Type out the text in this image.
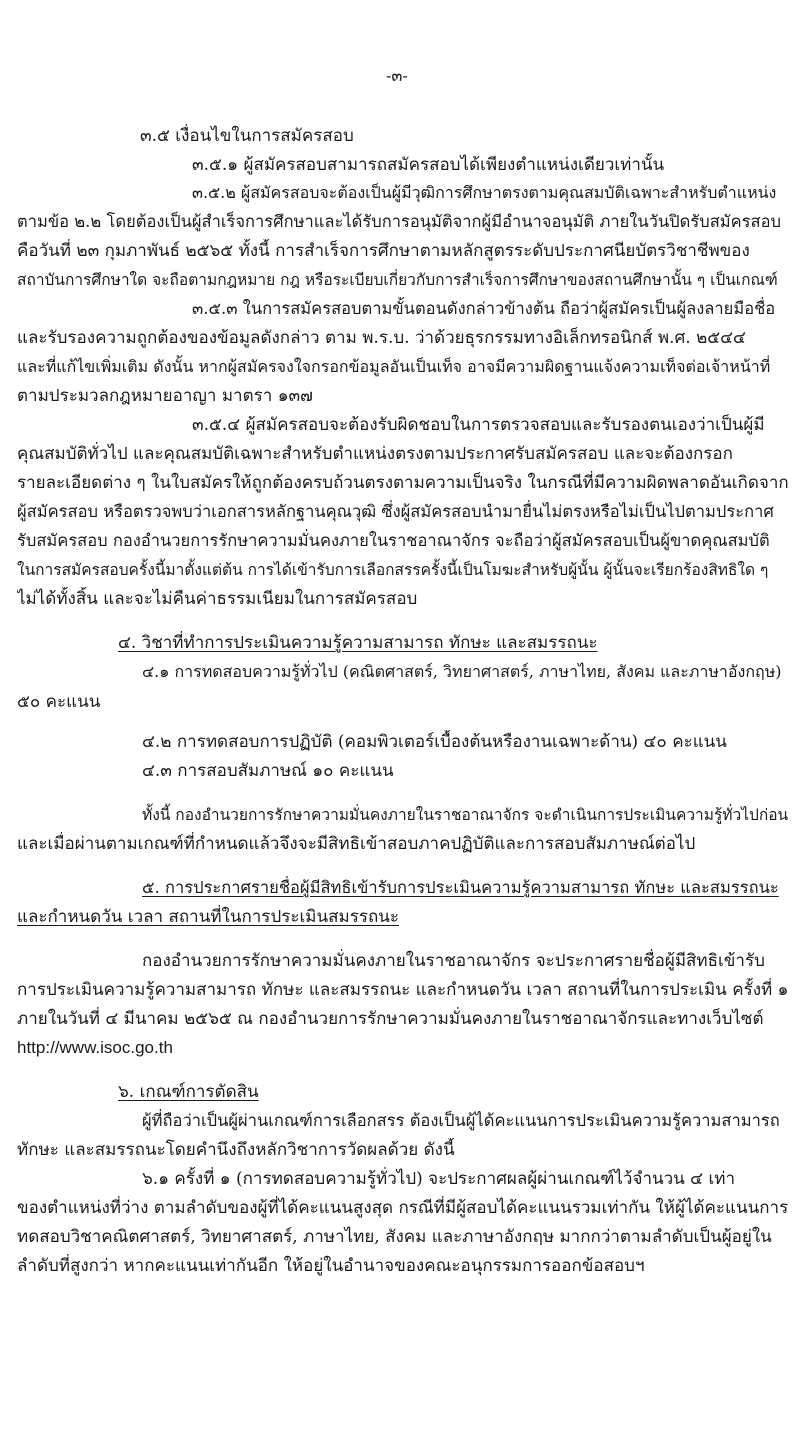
-๓-
๓.๕ เงื่อนไขในการสมัครสอบ
๓.๕.๑ ผู้สมัครสอบสามารถสมัครสอบได้เพียงตำแหน่งเดียวเท่านั้น
๓.๕.๒ ผู้สมัครสอบจะต้องเป็นผู้มีวุฒิการศึกษาตรงตามคุณสมบัติเฉพาะสำหรับตำแหน่ง
ตามข้อ ๒.๒ โดยต้องเป็นผู้สำเร็จการศึกษาและได้รับการอนุมัติจากผู้มีอำนาจอนุมัติ ภายในวันปิดรับสมัครสอบ
คือวันที่ ๒๓ กุมภาพันธ์ ๒๕๖๕ ทั้งนี้ การสำเร็จการศึกษาตามหลักสูตรระดับประกาศนียบัตรวิชาชีพของ
สถาบันการศึกษาใด จะถือตามกฎหมาย กฎ หรือระเบียบเกี่ยวกับการสำเร็จการศึกษาของสถานศึกษานั้น ๆ เป็นเกณฑ์
๓.๕.๓ ในการสมัครสอบตามขั้นตอนดังกล่าวข้างต้น ถือว่าผู้สมัครเป็นผู้ลงลายมือชื่อ
และรับรองความถูกต้องของข้อมูลดังกล่าว ตาม พ.ร.บ. ว่าด้วยธุรกรรมทางอิเล็กทรอนิกส์ พ.ศ. ๒๕๔๔
และที่แก้ไขเพิ่มเติม ดังนั้น หากผู้สมัครจงใจกรอกข้อมูลอันเป็นเท็จ อาจมีความผิดฐานแจ้งความเท็จต่อเจ้าหน้าที่
ตามประมวลกฎหมายอาญา มาตรา ๑๓๗
๓.๕.๔ ผู้สมัครสอบจะต้องรับผิดชอบในการตรวจสอบและรับรองตนเองว่าเป็นผู้มี
คุณสมบัติทั่วไป และคุณสมบัติเฉพาะสำหรับตำแหน่งตรงตามประกาศรับสมัครสอบ และจะต้องกรอก
รายละเอียดต่าง ๆ ในใบสมัครให้ถูกต้องครบถ้วนตรงตามความเป็นจริง ในกรณีที่มีความผิดพลาดอันเกิดจาก
ผู้สมัครสอบ หรือตรวจพบว่าเอกสารหลักฐานคุณวุฒิ ซึ่งผู้สมัครสอบนำมายื่นไม่ตรงหรือไม่เป็นไปตามประกาศ
รับสมัครสอบ กองอำนวยการรักษาความมั่นคงภายในราชอาณาจักร จะถือว่าผู้สมัครสอบเป็นผู้ขาดคุณสมบัติ
ในการสมัครสอบครั้งนี้มาตั้งแต่ต้น การได้เข้ารับการเลือกสรรครั้งนี้เป็นโมฆะสำหรับผู้นั้น ผู้นั้นจะเรียกร้องสิทธิใด ๆ
ไม่ได้ทั้งสิ้น และจะไม่คืนค่าธรรมเนียมในการสมัครสอบ
๔. วิชาที่ทำการประเมินความรู้ความสามารถ ทักษะ และสมรรถนะ
๔.๑ การทดสอบความรู้ทั่วไป (คณิตศาสตร์, วิทยาศาสตร์, ภาษาไทย, สังคม และภาษาอังกฤษ)
๕๐ คะแนน
๔.๒ การทดสอบการปฏิบัติ (คอมพิวเตอร์เบื้องต้นหรืองานเฉพาะด้าน) ๔๐ คะแนน
๔.๓ การสอบสัมภาษณ์ ๑๐ คะแนน
ทั้งนี้ กองอำนวยการรักษาความมั่นคงภายในราชอาณาจักร จะดำเนินการประเมินความรู้ทั่วไปก่อน
และเมื่อผ่านตามเกณฑ์ที่กำหนดแล้วจึงจะมีสิทธิเข้าสอบภาคปฏิบัติและการสอบสัมภาษณ์ต่อไป
๕. การประกาศรายชื่อผู้มีสิทธิเข้ารับการประเมินความรู้ความสามารถ ทักษะ และสมรรถนะ
และกำหนดวัน เวลา สถานที่ในการประเมินสมรรถนะ
กองอำนวยการรักษาความมั่นคงภายในราชอาณาจักร จะประกาศรายชื่อผู้มีสิทธิเข้ารับ
การประเมินความรู้ความสามารถ ทักษะ และสมรรถนะ และกำหนดวัน เวลา สถานที่ในการประเมิน ครั้งที่ ๑
ภายในวันที่ ๔ มีนาคม ๒๕๖๕ ณ กองอำนวยการรักษาความมั่นคงภายในราชอาณาจักรและทางเว็บไซต์
http://www.isoc.go.th
๖. เกณฑ์การตัดสิน
ผู้ที่ถือว่าเป็นผู้ผ่านเกณฑ์การเลือกสรร ต้องเป็นผู้ได้คะแนนการประเมินความรู้ความสามารถ
ทักษะ และสมรรถนะโดยคำนึงถึงหลักวิชาการวัดผลด้วย ดังนี้
๖.๑ ครั้งที่ ๑ (การทดสอบความรู้ทั่วไป) จะประกาศผลผู้ผ่านเกณฑ์ไว้จำนวน ๔ เท่า
ของตำแหน่งที่ว่าง ตามลำดับของผู้ที่ได้คะแนนสูงสุด กรณีที่มีผู้สอบได้คะแนนรวมเท่ากัน ให้ผู้ได้คะแนนการ
ทดสอบวิชาคณิตศาสตร์, วิทยาศาสตร์, ภาษาไทย, สังคม และภาษาอังกฤษ มากกว่าตามลำดับเป็นผู้อยู่ใน
ลำดับที่สูงกว่า หากคะแนนเท่ากันอีก ให้อยู่ในอำนาจของคณะอนุกรรมการออกข้อสอบฯ
